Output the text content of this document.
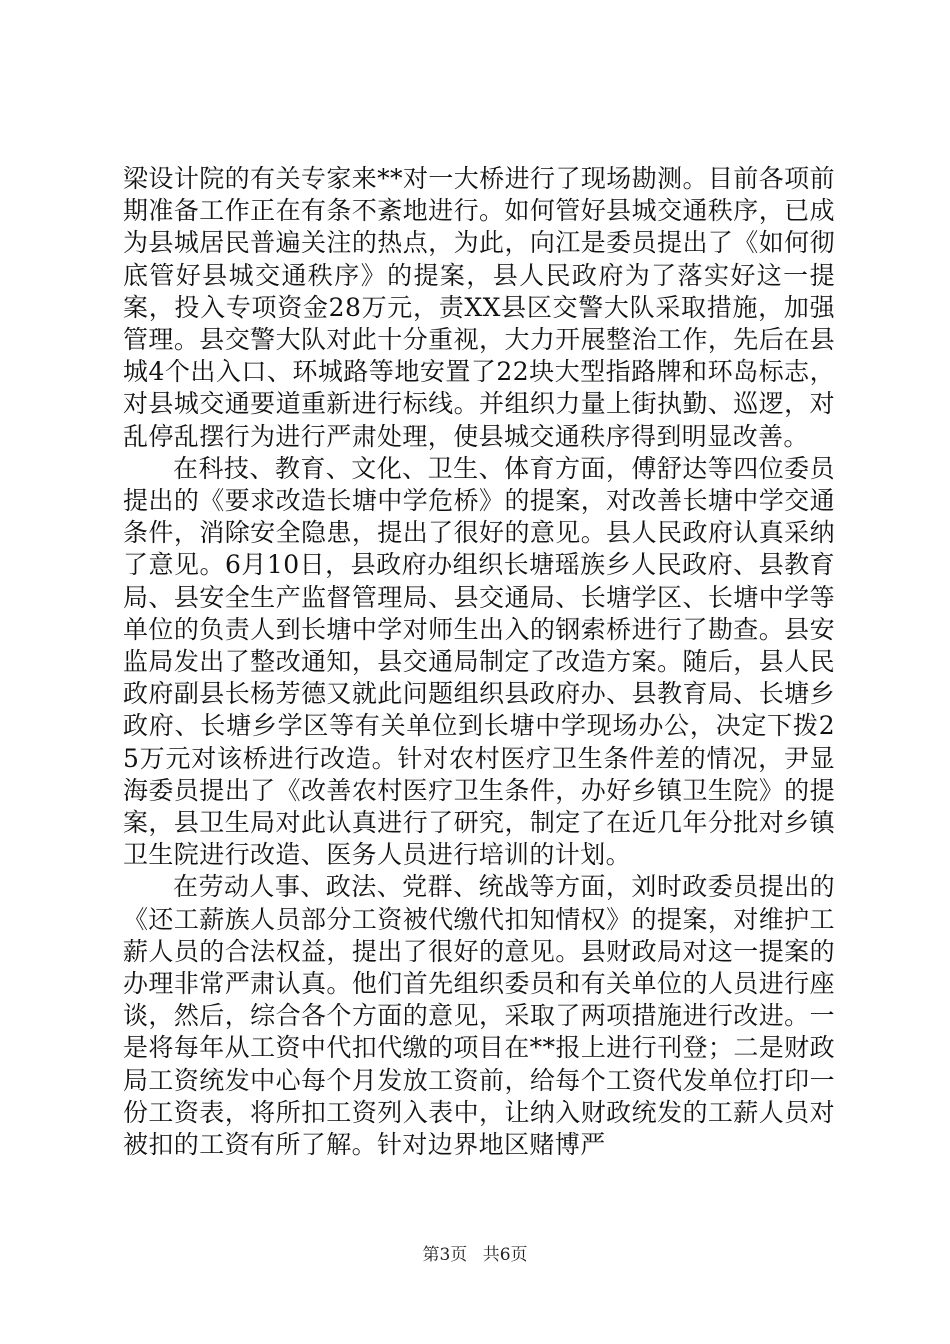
梁设计院的有关专家来**对一大桥进行了现场勘测。目前各项前期准备工作正在有条不紊地进行。如何管好县城交通秩序，已成为县城居民普遍关注的热点，为此，向江是委员提出了《如何彻底管好县城交通秩序》的提案，县人民政府为了落实好这一提案，投入专项资金28万元，责XX县区交警大队采取措施，加强管理。县交警大队对此十分重视，大力开展整治工作，先后在县城4个出入口、环城路等地安置了22块大型指路牌和环岛标志，对县城交通要道重新进行标线。并组织力量上街执勤、巡逻，对乱停乱摆行为进行严肃处理，使县城交通秩序得到明显改善。

在科技、教育、文化、卫生、体育方面，傅舒达等四位委员提出的《要求改造长塘中学危桥》的提案，对改善长塘中学交通条件，消除安全隐患，提出了很好的意见。县人民政府认真采纳了意见。6月10日，县政府办组织长塘瑶族乡人民政府、县教育局、县安全生产监督管理局、县交通局、长塘学区、长塘中学等单位的负责人到长塘中学对师生出入的钢索桥进行了勘查。县安监局发出了整改通知，县交通局制定了改造方案。随后，县人民政府副县长杨芳德又就此问题组织县政府办、县教育局、长塘乡政府、长塘乡学区等有关单位到长塘中学现场办公，决定下拨25万元对该桥进行改造。针对农村医疗卫生条件差的情况，尹显海委员提出了《改善农村医疗卫生条件，办好乡镇卫生院》的提案，县卫生局对此认真进行了研究，制定了在近几年分批对乡镇卫生院进行改造、医务人员进行培训的计划。

在劳动人事、政法、党群、统战等方面，刘时政委员提出的《还工薪族人员部分工资被代缴代扣知情权》的提案，对维护工薪人员的合法权益，提出了很好的意见。县财政局对这一提案的办理非常严肃认真。他们首先组织委员和有关单位的人员进行座谈，然后，综合各个方面的意见，采取了两项措施进行改进。一是将每年从工资中代扣代缴的项目在**报上进行刊登；二是财政局工资统发中心每个月发放工资前，给每个工资代发单位打印一份工资表，将所扣工资列入表中，让纳入财政统发的工薪人员对被扣的工资有所了解。针对边界地区赌博严

第3页 共6页
